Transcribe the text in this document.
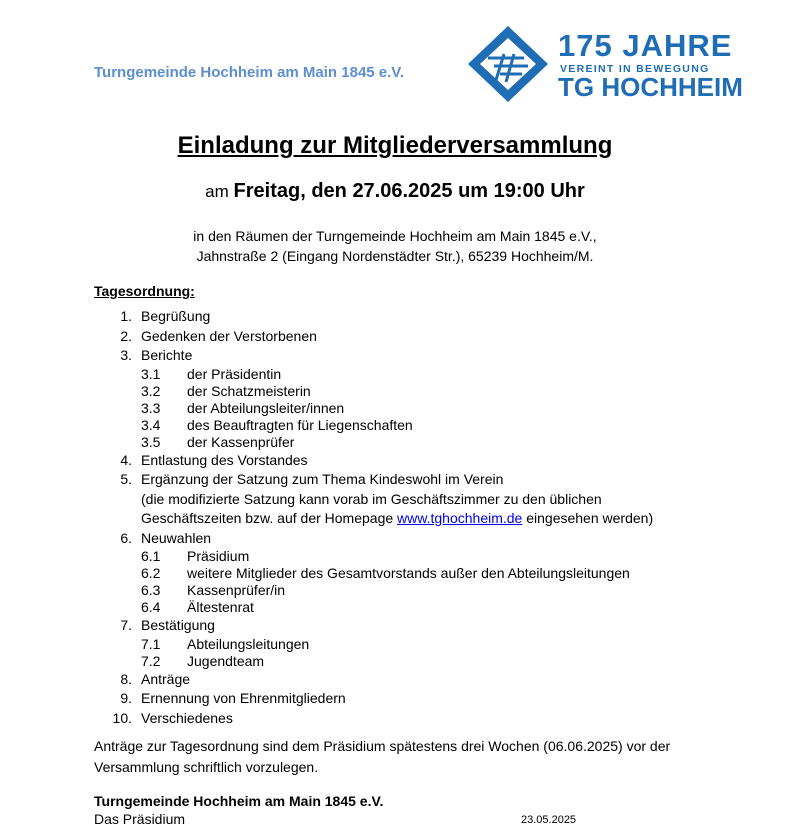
Turngemeinde Hochheim am Main 1845 e.V.
175 JAHRE
VEREINT IN BEWEGUNG
TG HOCHHEIM
Einladung zur Mitgliederversammlung
am Freitag, den 27.06.2025 um 19:00 Uhr
in den Räumen der Turngemeinde Hochheim am Main 1845 e.V.,
Jahnstraße 2 (Eingang Nordenstädter Str.), 65239 Hochheim/M.
Tagesordnung:
1. Begrüßung
2. Gedenken der Verstorbenen
3. Berichte
3.1 der Präsidentin
3.2 der Schatzmeisterin
3.3 der Abteilungsleiter/innen
3.4 des Beauftragten für Liegenschaften
3.5 der Kassenprüfer
4. Entlastung des Vorstandes
5. Ergänzung der Satzung zum Thema Kindeswohl im Verein
(die modifizierte Satzung kann vorab im Geschäftszimmer zu den üblichen
Geschäftszeiten bzw. auf der Homepage www.tghochheim.de eingesehen werden)
6. Neuwahlen
6.1 Präsidium
6.2 weitere Mitglieder des Gesamtvorstands außer den Abteilungsleitungen
6.3 Kassenprüfer/in
6.4 Ältestenrat
7. Bestätigung
7.1 Abteilungsleitungen
7.2 Jugendteam
8. Anträge
9. Ernennung von Ehrenmitgliedern
10. Verschiedenes
Anträge zur Tagesordnung sind dem Präsidium spätestens drei Wochen (06.06.2025) vor der Versammlung schriftlich vorzulegen.
Turngemeinde Hochheim am Main 1845 e.V.
Das Präsidium	23.05.2025
